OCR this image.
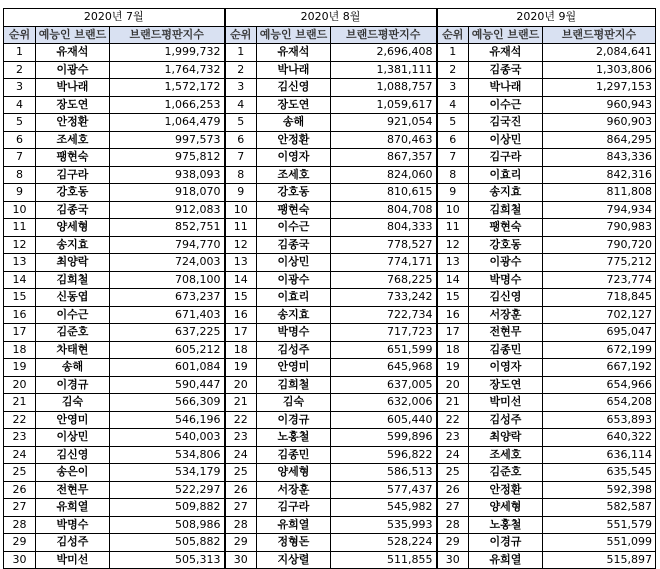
2020년 7월			2020년 8월			2020년 9월		
순위	예능인 브랜드	브랜드평판지수	순위	예능인 브랜드	브랜드평판지수	순위	예능인 브랜드	브랜드평판지수
1	유재석	1,999,732	1	유재석	2,696,408	1	유재석	2,084,641
2	이광수	1,764,732	2	박나래	1,381,111	2	김종국	1,303,806
3	박나래	1,572,172	3	김신영	1,088,757	3	박나래	1,297,153
4	장도연	1,066,253	4	장도연	1,059,617	4	이수근	960,943
5	안정환	1,064,479	5	송해	921,054	5	김국진	960,903
6	조세호	997,573	6	안정환	870,463	6	이상민	864,295
7	팽현숙	975,812	7	이영자	867,357	7	김구라	843,336
8	김구라	938,093	8	조세호	824,060	8	이효리	842,316
9	강호동	918,070	9	강호동	810,615	9	송지효	811,808
10	김종국	912,083	10	팽현숙	804,708	10	김희철	794,934
11	양세형	852,751	11	이수근	804,333	11	팽현숙	790,983
12	송지효	794,770	12	김종국	778,527	12	강호동	790,720
13	최양락	724,003	13	이상민	774,171	13	이광수	775,212
14	김희철	708,100	14	이광수	768,225	14	박명수	723,774
15	신동엽	673,237	15	이효리	733,242	15	김신영	718,845
16	이수근	671,403	16	송지효	722,734	16	서장훈	702,127
17	김준호	637,225	17	박명수	717,723	17	전현무	695,047
18	차태현	605,212	18	김성주	651,599	18	김종민	672,199
19	송해	601,084	19	안영미	645,968	19	이영자	667,192
20	이경규	590,447	20	김희철	637,005	20	장도연	654,966
21	김숙	566,309	21	김숙	632,006	21	박미선	654,208
22	안영미	546,196	22	이경규	605,440	22	김성주	653,893
23	이상민	540,003	23	노홍철	599,896	23	최양락	640,322
24	김신영	534,806	24	김종민	596,822	24	조세호	636,114
25	송은이	534,179	25	양세형	586,513	25	김준호	635,545
26	전현무	522,297	26	서장훈	577,437	26	안정환	592,398
27	유희열	509,882	27	김구라	545,982	27	양세형	582,587
28	박명수	508,986	28	유희열	535,993	28	노홍철	551,579
29	김성주	505,882	29	정형돈	528,224	29	이경규	551,099
30	박미선	505,313	30	지상렬	511,855	30	유희열	515,897
